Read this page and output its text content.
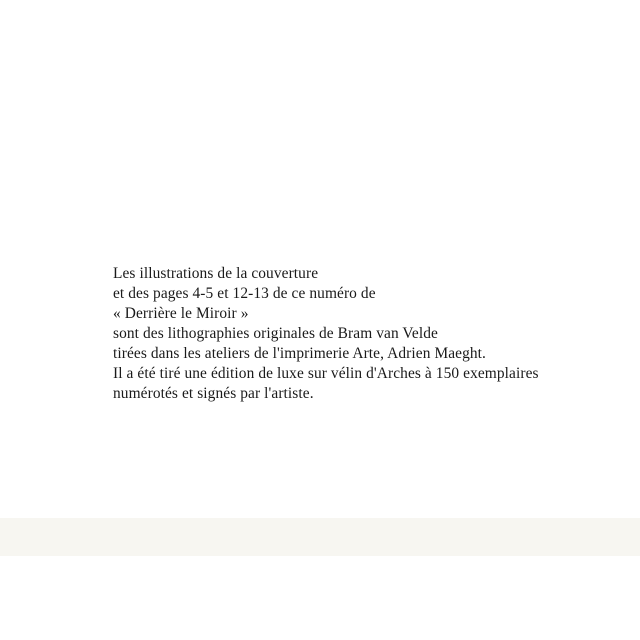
Les illustrations de la couverture
et des pages 4-5 et 12-13 de ce numéro de
« Derrière le Miroir »
sont des lithographies originales de Bram van Velde
tirées dans les ateliers de l'imprimerie Arte, Adrien Maeght.
Il a été tiré une édition de luxe sur vélin d'Arches à 150 exemplaires
numérotés et signés par l'artiste.
